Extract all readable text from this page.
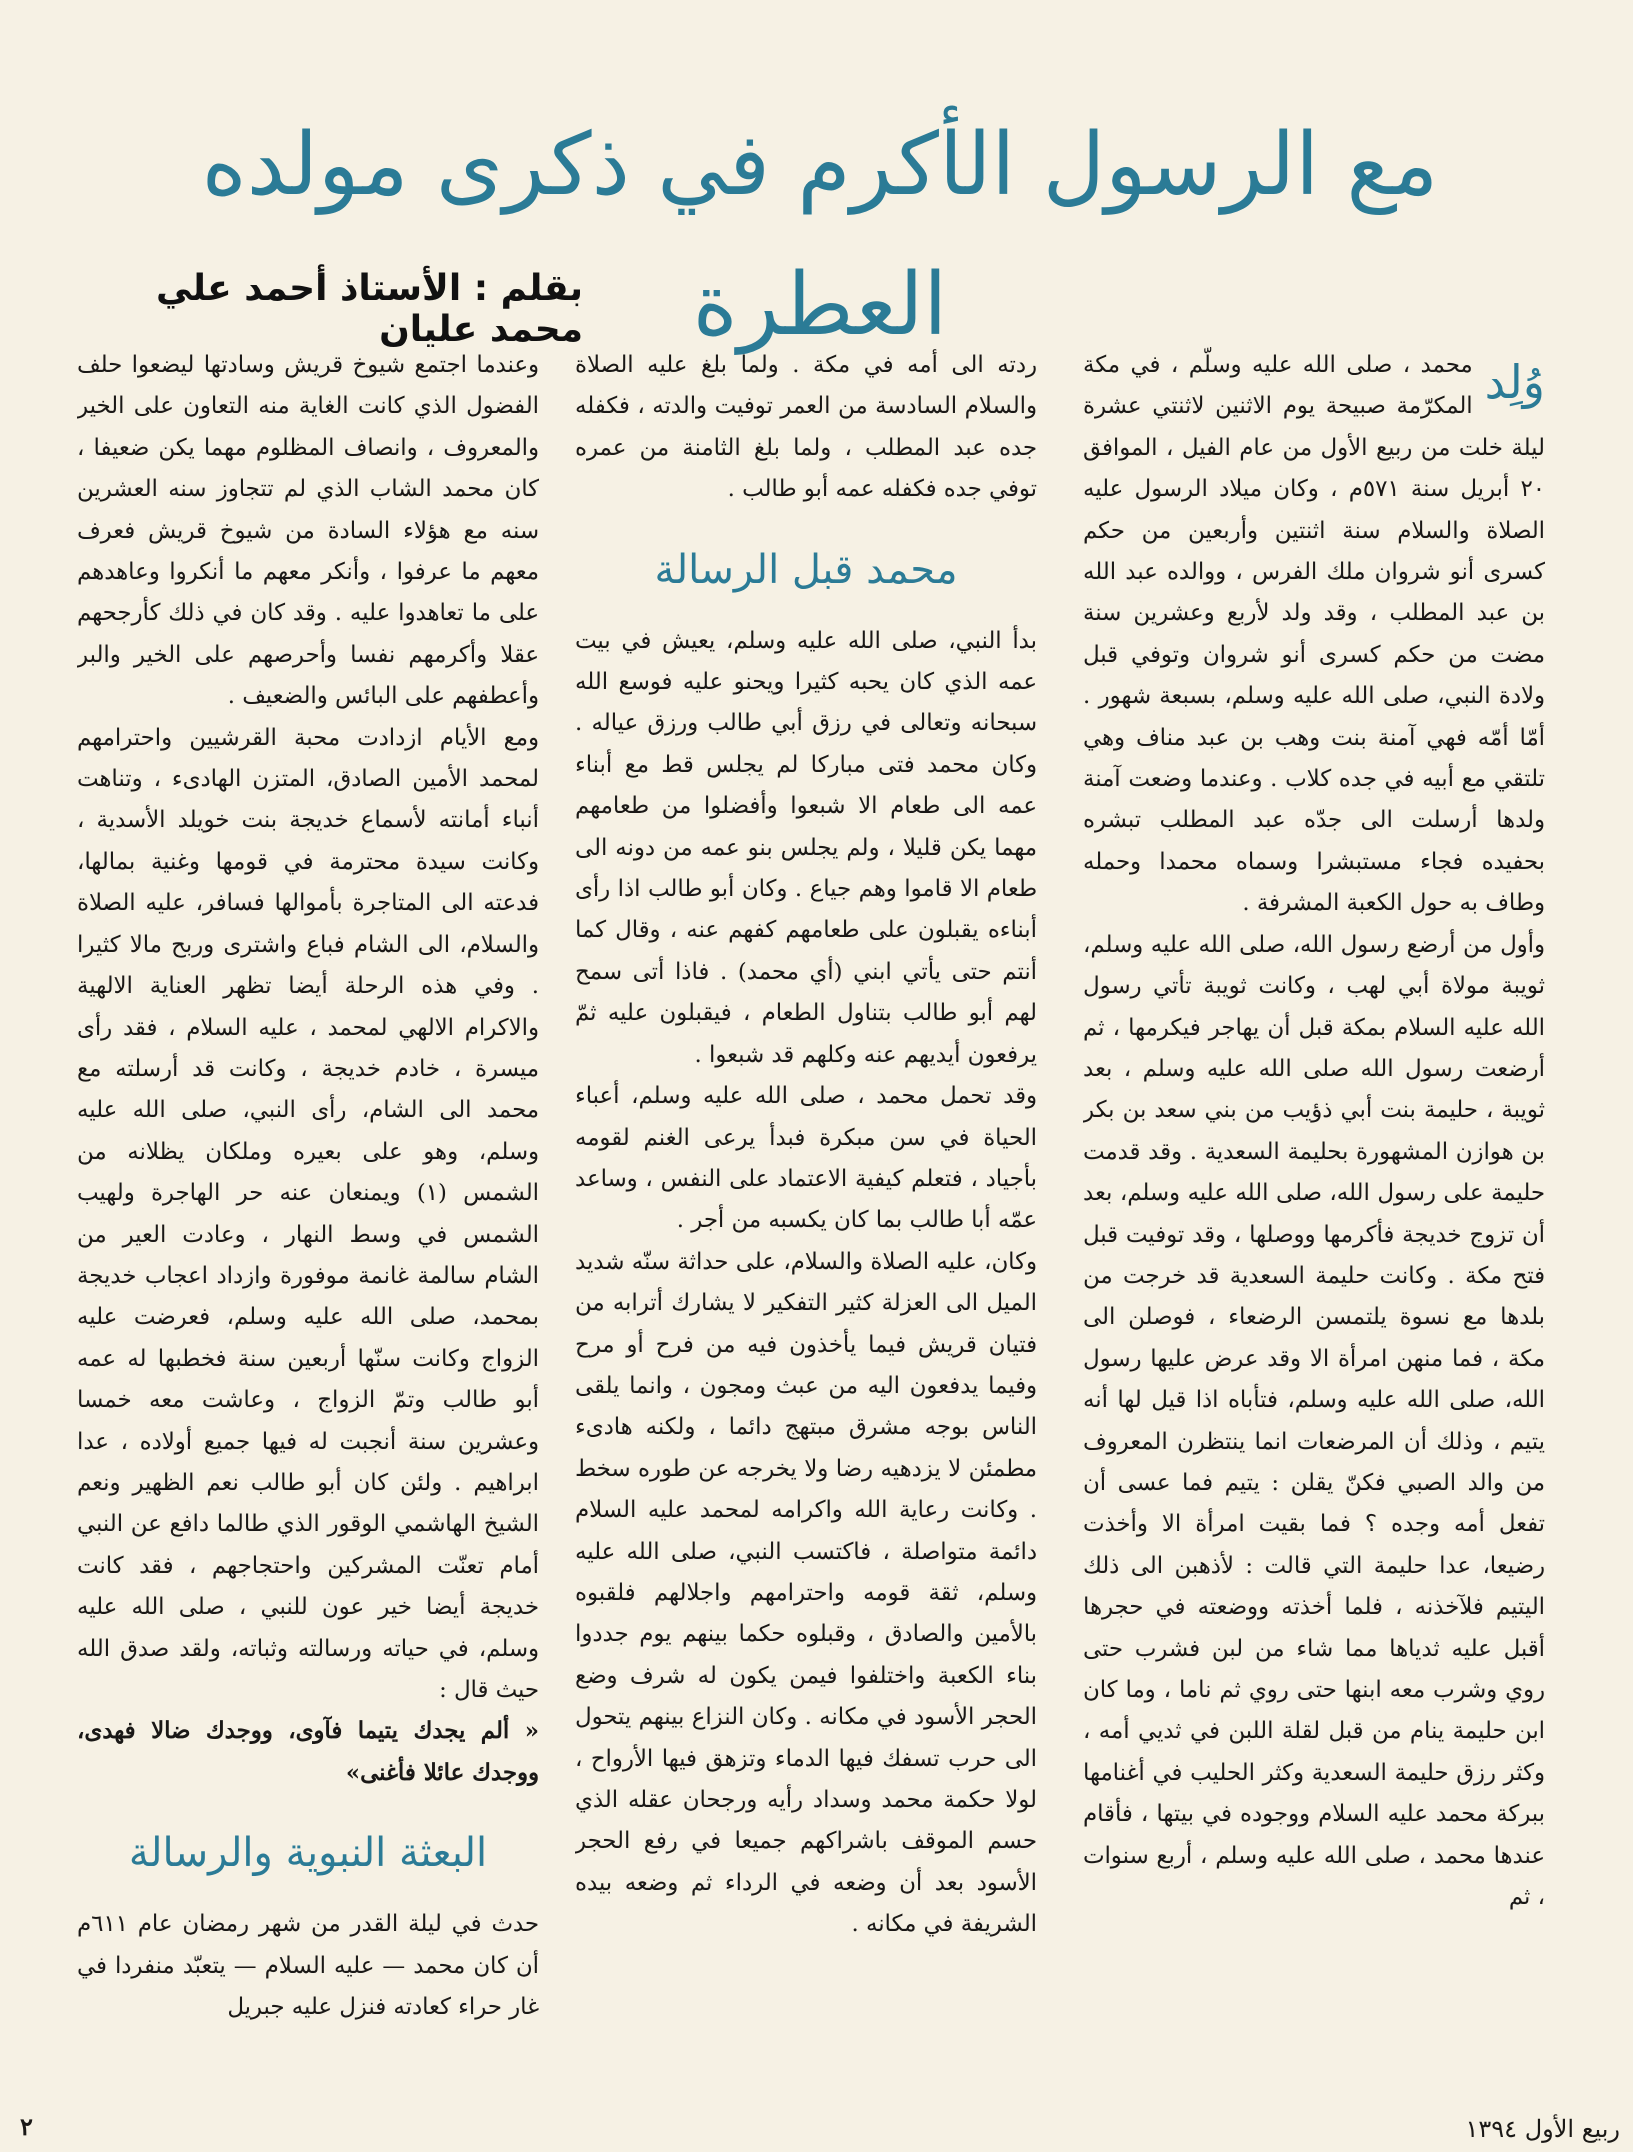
مع الرسول الأكرم في ذكرى مولده العطرة
بقلم : الأستاذ أحمد علي محمد عليان

وُلِد
محمد ، صلى الله عليه وسلّم ، في مكة المكرّمة صبيحة يوم الاثنين لاثنتي عشرة ليلة خلت من ربيع الأول من عام الفيل ، الموافق ٢٠ أبريل سنة ٥٧١م ، وكان ميلاد الرسول عليه الصلاة والسلام سنة اثنتين وأربعين من حكم كسرى أنو شروان ملك الفرس ، ووالده عبد الله بن عبد المطلب ، وقد ولد لأربع وعشرين سنة مضت من حكم كسرى أنو شروان وتوفي قبل ولادة النبي، صلى الله عليه وسلم، بسبعة شهور . أمّا أمّه فهي آمنة بنت وهب بن عبد مناف وهي تلتقي مع أبيه في جده كلاب . وعندما وضعت آمنة ولدها أرسلت الى جدّه عبد المطلب تبشره بحفيده فجاء مستبشرا وسماه محمدا وحمله وطاف به حول الكعبة المشرفة .

وأول من أرضع رسول الله، صلى الله عليه وسلم، ثويبة مولاة أبي لهب ، وكانت ثويبة تأتي رسول الله عليه السلام بمكة قبل أن يهاجر فيكرمها ، ثم أرضعت رسول الله صلى الله عليه وسلم ، بعد ثويبة ، حليمة بنت أبي ذؤيب من بني سعد بن بكر بن هوازن المشهورة بحليمة السعدية . وقد قدمت حليمة على رسول الله، صلى الله عليه وسلم، بعد أن تزوج خديجة فأكرمها ووصلها ، وقد توفيت قبل فتح مكة . وكانت حليمة السعدية قد خرجت من بلدها مع نسوة يلتمسن الرضعاء ، فوصلن الى مكة ، فما منهن امرأة الا وقد عرض عليها رسول الله، صلى الله عليه وسلم، فتأباه اذا قيل لها أنه يتيم ، وذلك أن المرضعات انما ينتظرن المعروف من والد الصبي فكنّ يقلن : يتيم فما عسى أن تفعل أمه وجده ؟ فما بقيت امرأة الا وأخذت رضيعا، عدا حليمة التي قالت : لأذهبن الى ذلك اليتيم فلآخذنه ، فلما أخذته ووضعته في حجرها أقبل عليه ثدياها مما شاء من لبن فشرب حتى روي وشرب معه ابنها حتى روي ثم ناما ، وما كان ابن حليمة ينام من قبل لقلة اللبن في ثديي أمه ، وكثر رزق حليمة السعدية وكثر الحليب في أغنامها ببركة محمد عليه السلام ووجوده في بيتها ، فأقام عندها محمد ، صلى الله عليه وسلم ، أربع سنوات ، ثم

ردته الى أمه في مكة . ولما بلغ عليه الصلاة والسلام السادسة من العمر توفيت والدته ، فكفله جده عبد المطلب ، ولما بلغ الثامنة من عمره توفي جده فكفله عمه أبو طالب .

محمد قبل الرسالة

بدأ النبي، صلى الله عليه وسلم، يعيش في بيت عمه الذي كان يحبه كثيرا ويحنو عليه فوسع الله سبحانه وتعالى في رزق أبي طالب ورزق عياله . وكان محمد فتى مباركا لم يجلس قط مع أبناء عمه الى طعام الا شبعوا وأفضلوا من طعامهم مهما يكن قليلا ، ولم يجلس بنو عمه من دونه الى طعام الا قاموا وهم جياع . وكان أبو طالب اذا رأى أبناءه يقبلون على طعامهم كفهم عنه ، وقال كما أنتم حتى يأتي ابني (أي محمد) . فاذا أتى سمح لهم أبو طالب بتناول الطعام ، فيقبلون عليه ثمّ يرفعون أيديهم عنه وكلهم قد شبعوا .

وقد تحمل محمد ، صلى الله عليه وسلم، أعباء الحياة في سن مبكرة فبدأ يرعى الغنم لقومه بأجياد ، فتعلم كيفية الاعتماد على النفس ، وساعد عمّه أبا طالب بما كان يكسبه من أجر .

وكان، عليه الصلاة والسلام، على حداثة سنّه شديد الميل الى العزلة كثير التفكير لا يشارك أترابه من فتيان قريش فيما يأخذون فيه من فرح أو مرح وفيما يدفعون اليه من عبث ومجون ، وانما يلقى الناس بوجه مشرق مبتهج دائما ، ولكنه هادىء مطمئن لا يزدهيه رضا ولا يخرجه عن طوره سخط . وكانت رعاية الله واكرامه لمحمد عليه السلام دائمة متواصلة ، فاكتسب النبي، صلى الله عليه وسلم، ثقة قومه واحترامهم واجلالهم فلقبوه بالأمين والصادق ، وقبلوه حكما بينهم يوم جددوا بناء الكعبة واختلفوا فيمن يكون له شرف وضع الحجر الأسود في مكانه . وكان النزاع بينهم يتحول الى حرب تسفك فيها الدماء وتزهق فيها الأرواح ، لولا حكمة محمد وسداد رأيه ورجحان عقله الذي حسم الموقف باشراكهم جميعا في رفع الحجر الأسود بعد أن وضعه في الرداء ثم وضعه بيده الشريفة في مكانه .

وعندما اجتمع شيوخ قريش وسادتها ليضعوا حلف الفضول الذي كانت الغاية منه التعاون على الخير والمعروف ، وانصاف المظلوم مهما يكن ضعيفا ، كان محمد الشاب الذي لم تتجاوز سنه العشرين سنه مع هؤلاء السادة من شيوخ قريش فعرف معهم ما عرفوا ، وأنكر معهم ما أنكروا وعاهدهم على ما تعاهدوا عليه . وقد كان في ذلك كأرجحهم عقلا وأكرمهم نفسا وأحرصهم على الخير والبر وأعطفهم على البائس والضعيف .

ومع الأيام ازدادت محبة القرشيين واحترامهم لمحمد الأمين الصادق، المتزن الهادىء ، وتناهت أنباء أمانته لأسماع خديجة بنت خويلد الأسدية ، وكانت سيدة محترمة في قومها وغنية بمالها، فدعته الى المتاجرة بأموالها فسافر، عليه الصلاة والسلام، الى الشام فباع واشترى وربح مالا كثيرا . وفي هذه الرحلة أيضا تظهر العناية الالهية والاكرام الالهي لمحمد ، عليه السلام ، فقد رأى ميسرة ، خادم خديجة ، وكانت قد أرسلته مع محمد الى الشام، رأى النبي، صلى الله عليه وسلم، وهو على بعيره وملكان يظلانه من الشمس (١) ويمنعان عنه حر الهاجرة ولهيب الشمس في وسط النهار ، وعادت العير من الشام سالمة غانمة موفورة وازداد اعجاب خديجة بمحمد، صلى الله عليه وسلم، فعرضت عليه الزواج وكانت سنّها أربعين سنة فخطبها له عمه أبو طالب وتمّ الزواج ، وعاشت معه خمسا وعشرين سنة أنجبت له فيها جميع أولاده ، عدا ابراهيم . ولئن كان أبو طالب نعم الظهير ونعم الشيخ الهاشمي الوقور الذي طالما دافع عن النبي أمام تعنّت المشركين واحتجاجهم ، فقد كانت خديجة أيضا خير عون للنبي ، صلى الله عليه وسلم، في حياته ورسالته وثباته، ولقد صدق الله حيث قال :

« ألم يجدك يتيما فآوى، ووجدك ضالا فهدى، ووجدك عائلا فأغنى»

البعثة النبوية والرسالة

حدث في ليلة القدر من شهر رمضان عام ٦١١م أن كان محمد — عليه السلام — يتعبّد منفردا في غار حراء كعادته فنزل عليه جبريل

ربيع الأول ١٣٩٤
٢
